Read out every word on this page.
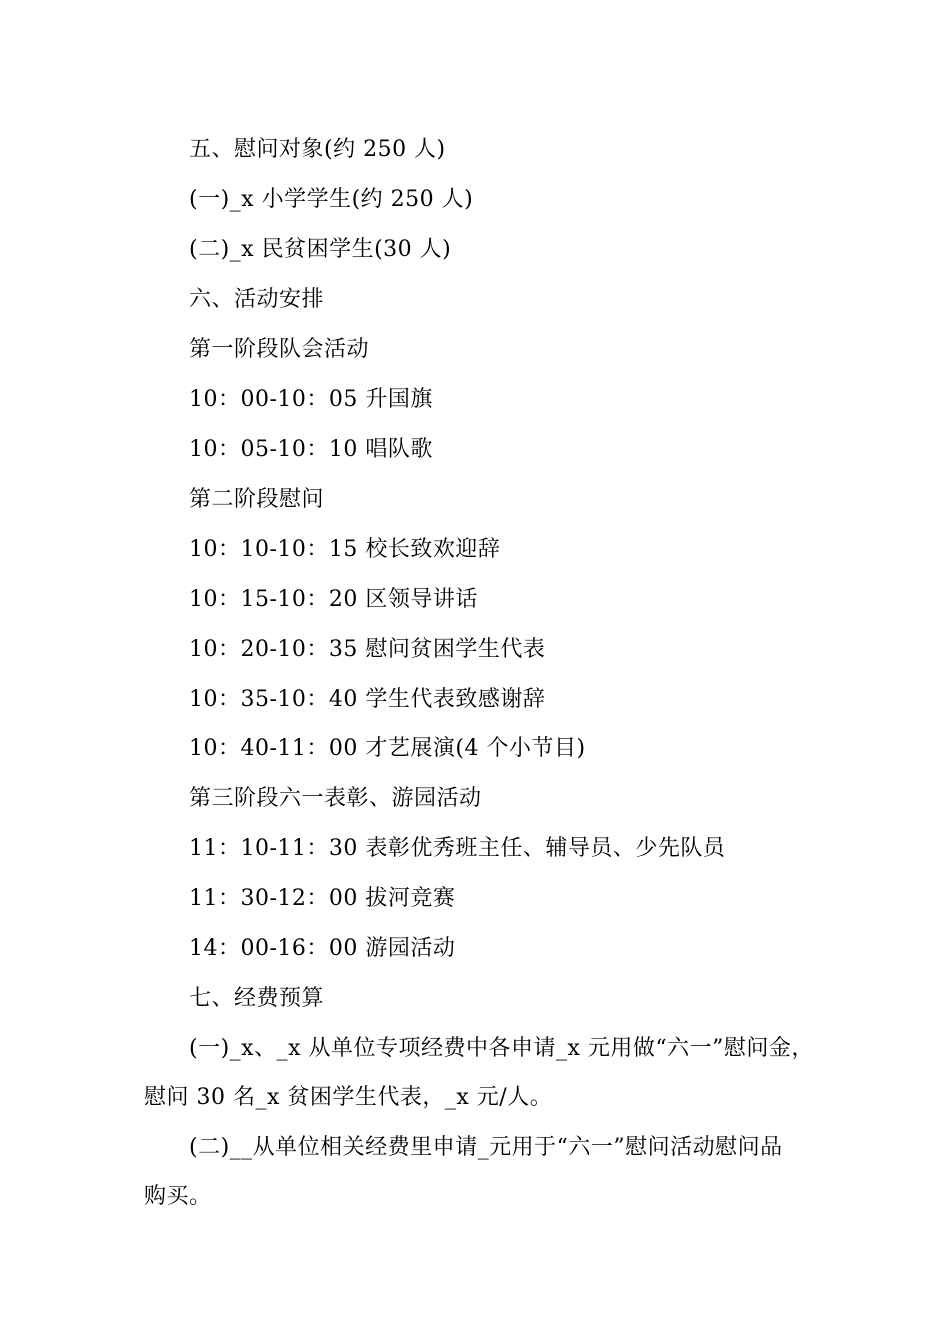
五、慰问对象(约 250 人)
(一)_x 小学学生(约 250 人)
(二)_x 民贫困学生(30 人)
六、活动安排
第一阶段队会活动
10：00-10：05 升国旗
10：05-10：10 唱队歌
第二阶段慰问
10：10-10：15 校长致欢迎辞
10：15-10：20 区领导讲话
10：20-10：35 慰问贫困学生代表
10：35-10：40 学生代表致感谢辞
10：40-11：00 才艺展演(4 个小节目)
第三阶段六一表彰、游园活动
11：10-11：30 表彰优秀班主任、辅导员、少先队员
11：30-12：00 拔河竞赛
14：00-16：00 游园活动
七、经费预算
(一)_x、_x 从单位专项经费中各申请_x 元用做“六一”慰问金，
慰问 30 名_x 贫困学生代表，_x 元/人。
(二)__从单位相关经费里申请_元用于“六一”慰问活动慰问品
购买。
